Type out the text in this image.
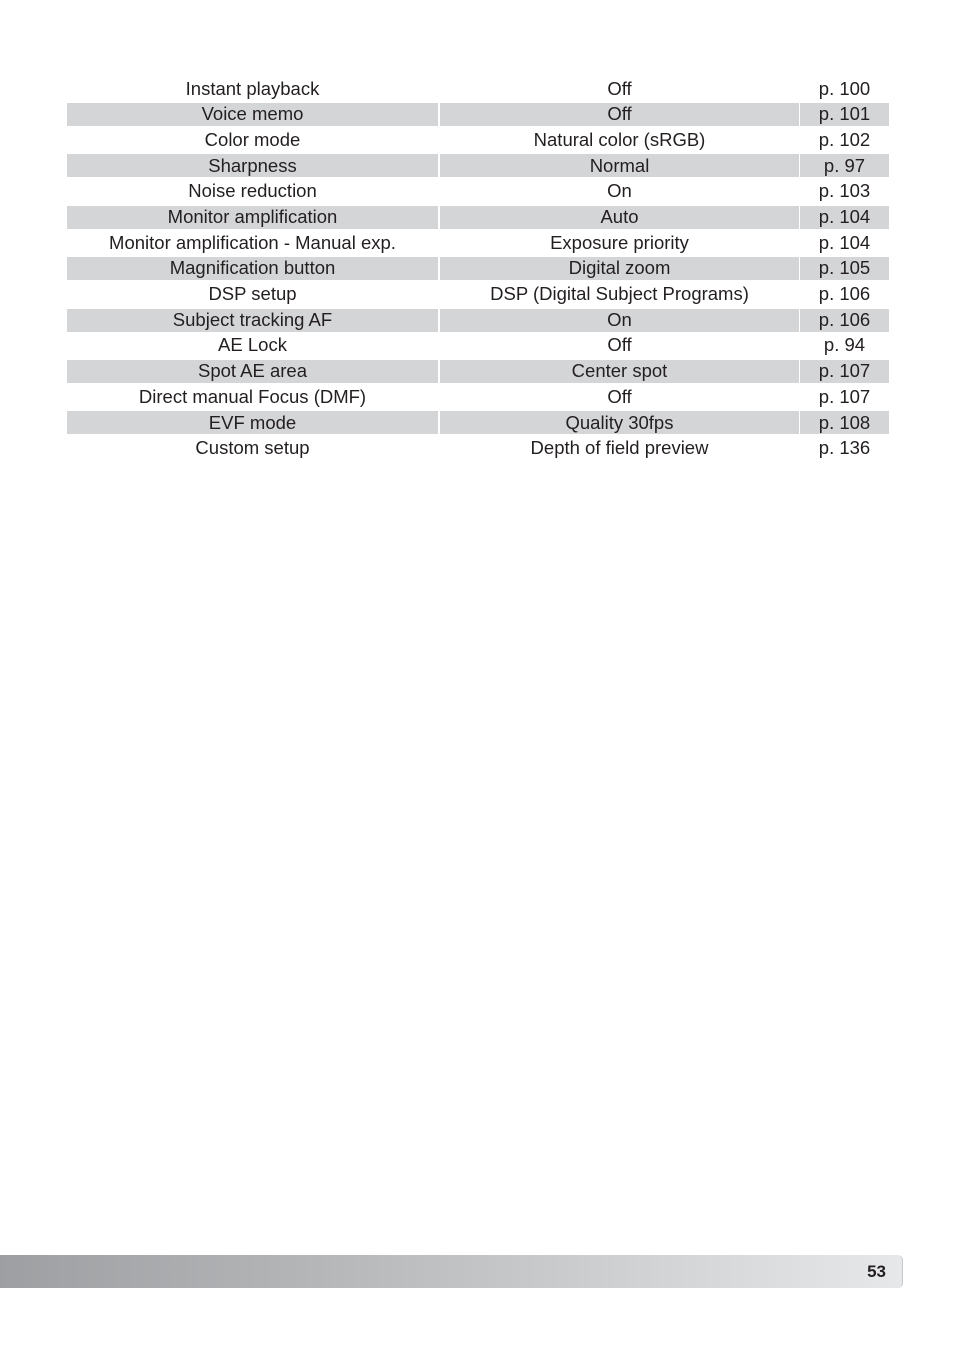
Instant playback	Off	p. 100
Voice memo	Off	p. 101
Color mode	Natural color (sRGB)	p. 102
Sharpness	Normal	p. 97
Noise reduction	On	p. 103
Monitor amplification	Auto	p. 104
Monitor amplification - Manual exp.	Exposure priority	p. 104
Magnification button	Digital zoom	p. 105
DSP setup	DSP (Digital Subject Programs)	p. 106
Subject tracking AF	On	p. 106
AE Lock	Off	p. 94
Spot AE area	Center spot	p. 107
Direct manual Focus (DMF)	Off	p. 107
EVF mode	Quality 30fps	p. 108
Custom setup	Depth of field preview	p. 136
53
